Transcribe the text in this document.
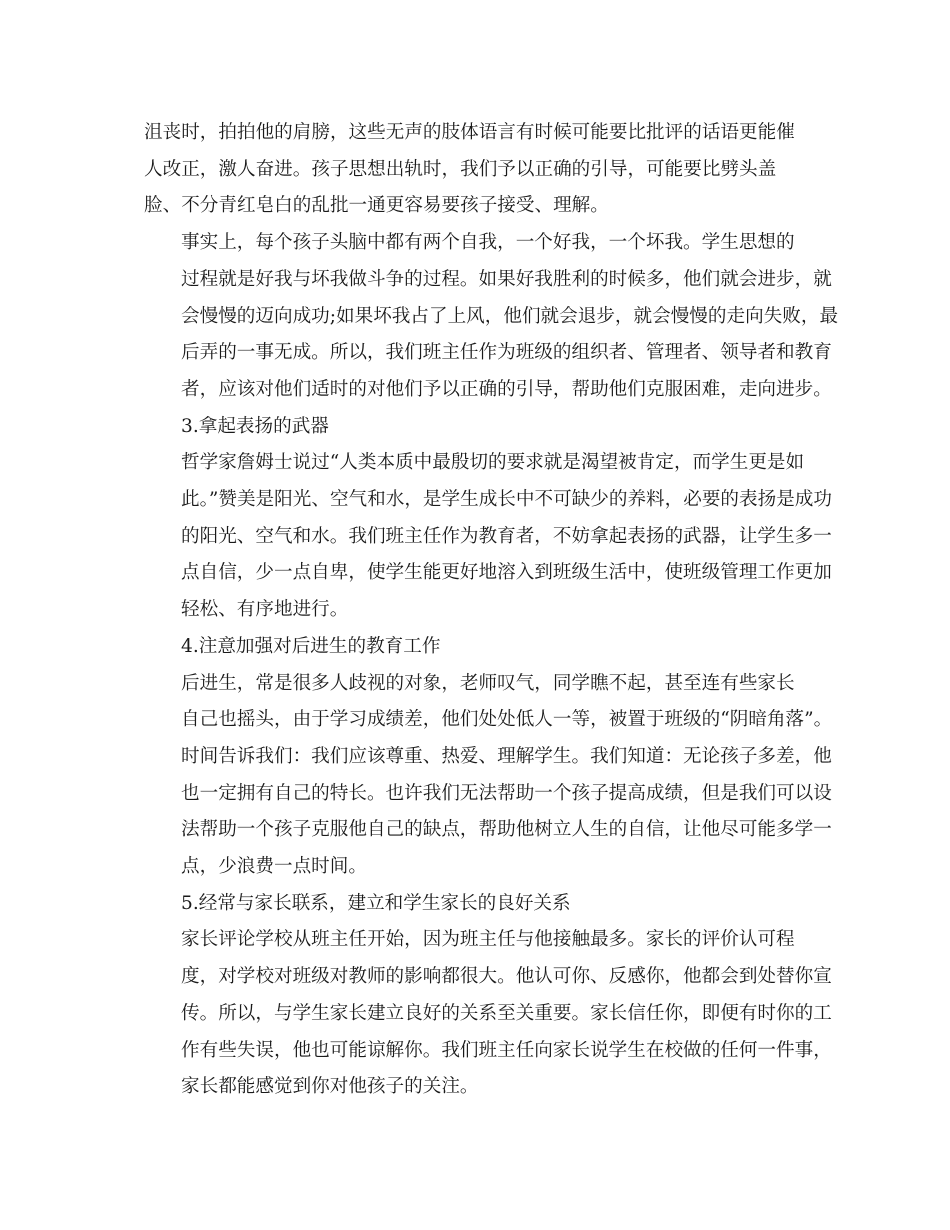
沮丧时，拍拍他的肩膀，这些无声的肢体语言有时候可能要比批评的话语更能催
人改正，激人奋进。孩子思想出轨时，我们予以正确的引导，可能要比劈头盖
脸、不分青红皂白的乱批一通更容易要孩子接受、理解。

事实上，每个孩子头脑中都有两个自我，一个好我，一个坏我。学生思想的
过程就是好我与坏我做斗争的过程。如果好我胜利的时候多，他们就会进步，就
会慢慢的迈向成功;如果坏我占了上风，他们就会退步，就会慢慢的走向失败，最
后弄的一事无成。所以，我们班主任作为班级的组织者、管理者、领导者和教育
者，应该对他们适时的对他们予以正确的引导，帮助他们克服困难，走向进步。

3.拿起表扬的武器

哲学家詹姆士说过“人类本质中最殷切的要求就是渴望被肯定，而学生更是如
此。”赞美是阳光、空气和水，是学生成长中不可缺少的养料，必要的表扬是成功
的阳光、空气和水。我们班主任作为教育者，不妨拿起表扬的武器，让学生多一
点自信，少一点自卑，使学生能更好地溶入到班级生活中，使班级管理工作更加
轻松、有序地进行。

4.注意加强对后进生的教育工作

后进生，常是很多人歧视的对象，老师叹气，同学瞧不起，甚至连有些家长
自己也摇头，由于学习成绩差，他们处处低人一等，被置于班级的“阴暗角落”。
时间告诉我们：我们应该尊重、热爱、理解学生。我们知道：无论孩子多差，他
也一定拥有自己的特长。也许我们无法帮助一个孩子提高成绩，但是我们可以设
法帮助一个孩子克服他自己的缺点，帮助他树立人生的自信，让他尽可能多学一
点，少浪费一点时间。

5.经常与家长联系，建立和学生家长的良好关系

家长评论学校从班主任开始，因为班主任与他接触最多。家长的评价认可程
度，对学校对班级对教师的影响都很大。他认可你、反感你，他都会到处替你宣
传。所以，与学生家长建立良好的关系至关重要。家长信任你，即便有时你的工
作有些失误，他也可能谅解你。我们班主任向家长说学生在校做的任何一件事，
家长都能感觉到你对他孩子的关注。
